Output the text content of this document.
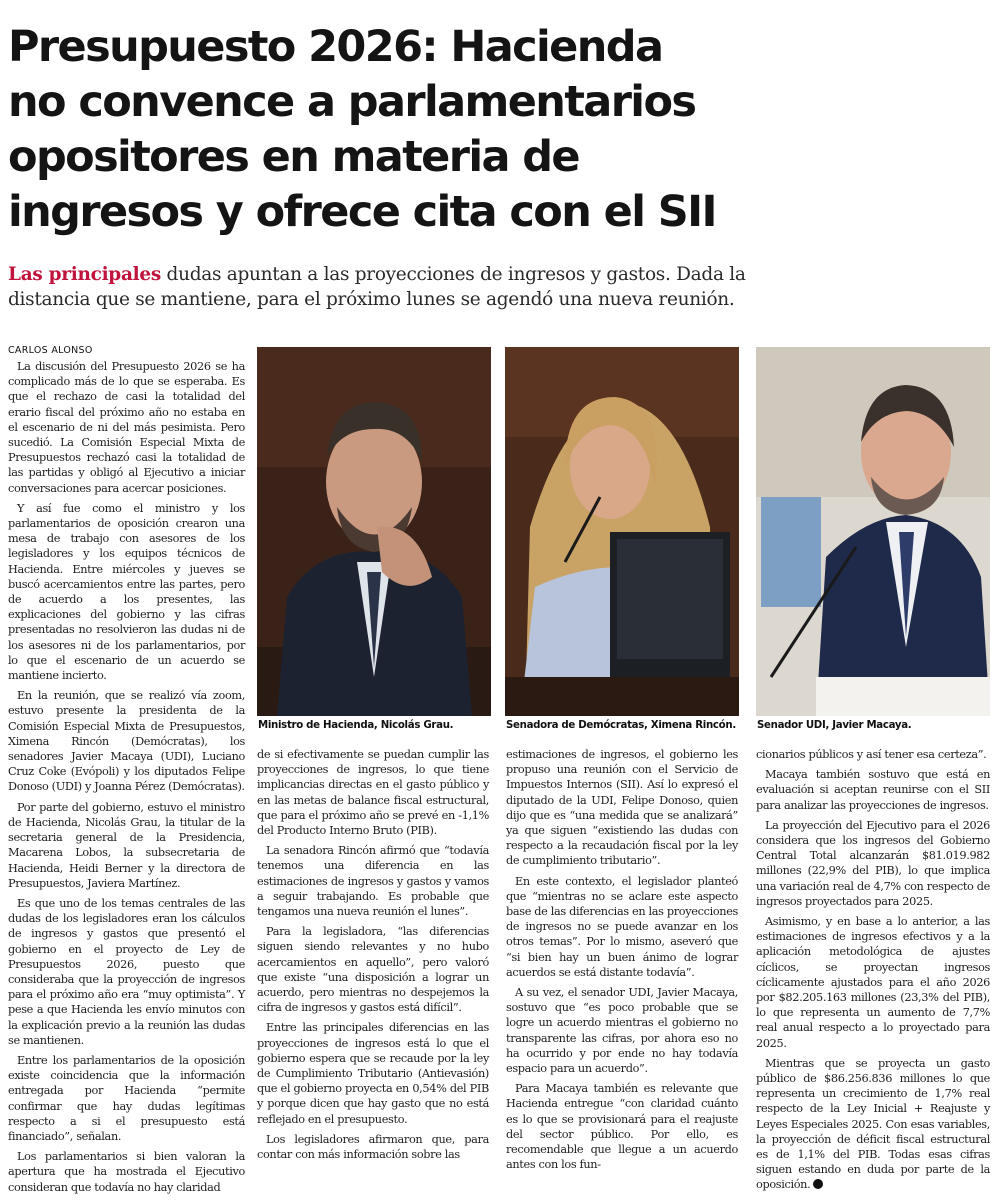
Presupuesto 2026: Hacienda
no convence a parlamentarios
opositores en materia de
ingresos y ofrece cita con el SII
Las principales dudas apuntan a las proyecciones de ingresos y gastos. Dada la
distancia que se mantiene, para el próximo lunes se agendó una nueva reunión.
CARLOS ALONSO

La discusión del Presupuesto 2026 se ha complicado más de lo que se esperaba. Es que el rechazo de casi la totalidad del erario fiscal del próximo año no estaba en el escenario de ni del más pesimista. Pero sucedió. La Comisión Especial Mixta de Presupuestos rechazó casi la totalidad de las partidas y obligó al Ejecutivo a iniciar conversaciones para acercar posiciones.

Y así fue como el ministro y los parlamentarios de oposición crearon una mesa de trabajo con asesores de los legisladores y los equipos técnicos de Hacienda. Entre miércoles y jueves se buscó acercamientos entre las partes, pero de acuerdo a los presentes, las explicaciones del gobierno y las cifras presentadas no resolvieron las dudas ni de los asesores ni de los parlamentarios, por lo que el escenario de un acuerdo se mantiene incierto.

En la reunión, que se realizó vía zoom, estuvo presente la presidenta de la Comisión Especial Mixta de Presupuestos, Ximena Rincón (Demócratas), los senadores Javier Macaya (UDI), Luciano Cruz Coke (Evópoli) y los diputados Felipe Donoso (UDI) y Joanna Pérez (Demócratas).

Por parte del gobierno, estuvo el ministro de Hacienda, Nicolás Grau, la titular de la secretaria general de la Presidencia, Macarena Lobos, la subsecretaria de Hacienda, Heidi Berner y la directora de Presupuestos, Javiera Martínez.

Es que uno de los temas centrales de las dudas de los legisladores eran los cálculos de ingresos y gastos que presentó el gobierno en el proyecto de Ley de Presupuestos 2026, puesto que consideraba que la proyección de ingresos para el próximo año era “muy optimista”. Y pese a que Hacienda les envío minutos con la explicación previo a la reunión las dudas se mantienen.

Entre los parlamentarios de la oposición existe coincidencia que la información entregada por Hacienda “permite confirmar que hay dudas legítimas respecto a si el presupuesto está financiado”, señalan.

Los parlamentarios si bien valoran la apertura que ha mostrada el Ejecutivo consideran que todavía no hay claridad

Ministro de Hacienda, Nicolás Grau.	Senadora de Demócratas, Ximena Rincón. Senador UDI, Javier Macaya.

de si efectivamente se puedan cumplir las proyecciones de ingresos, lo que tiene implicancias directas en el gasto público y en las metas de balance fiscal estructural, que para el próximo año se prevé en -1,1% del Producto Interno Bruto (PIB).

La senadora Rincón afirmó que “todavía tenemos una diferencia en las estimaciones de ingresos y gastos y vamos a seguir trabajando. Es probable que tengamos una nueva reunión el lunes”.

Para la legisladora, “las diferencias siguen siendo relevantes y no hubo acercamientos en aquello”, pero valoró que existe “una disposición a lograr un acuerdo, pero mientras no despejemos la cifra de ingresos y gastos está difícil”.

Entre las principales diferencias en las proyecciones de ingresos está lo que el gobierno espera que se recaude por la ley de Cumplimiento Tributario (Antievasión) que el gobierno proyecta en 0,54% del PIB y porque dicen que hay gasto que no está reflejado en el presupuesto.

Los legisladores afirmaron que, para contar con más información sobre las

estimaciones de ingresos, el gobierno les propuso una reunión con el Servicio de Impuestos Internos (SII). Así lo expresó el diputado de la UDI, Felipe Donoso, quien dijo que es “una medida que se analizará” ya que siguen “existiendo las dudas con respecto a la recaudación fiscal por la ley de cumplimiento tributario”.

En este contexto, el legislador planteó que “mientras no se aclare este aspecto base de las diferencias en las proyecciones de ingresos no se puede avanzar en los otros temas”. Por lo mismo, aseveró que “si bien hay un buen ánimo de lograr acuerdos se está distante todavía”.

A su vez, el senador UDI, Javier Macaya, sostuvo que “es poco probable que se logre un acuerdo mientras el gobierno no transparente las cifras, por ahora eso no ha ocurrido y por ende no hay todavía espacio para un acuerdo”.

Para Macaya también es relevante que Hacienda entregue “con claridad cuánto es lo que se provisionará para el reajuste del sector público. Por ello, es recomendable que llegue a un acuerdo antes con los fun-

cionarios públicos y así tener esa certeza”.

Macaya también sostuvo que está en evaluación si aceptan reunirse con el SII para analizar las proyecciones de ingresos.

La proyección del Ejecutivo para el 2026 considera que los ingresos del Gobierno Central Total alcanzarán $81.019.982 millones (22,9% del PIB), lo que implica una variación real de 4,7% con respecto de ingresos proyectados para 2025.

Asimismo, y en base a lo anterior, a las estimaciones de ingresos efectivos y a la aplicación metodológica de ajustes cíclicos, se proyectan ingresos cíclicamente ajustados para el año 2026 por $82.205.163 millones (23,3% del PIB), lo que representa un aumento de 7,7% real anual respecto a lo proyectado para 2025.

Mientras que se proyecta un gasto público de $86.256.836 millones lo que representa un crecimiento de 1,7% real respecto de la Ley Inicial + Reajuste y Leyes Especiales 2025. Con esas variables, la proyección de déficit fiscal estructural es de 1,1% del PIB. Todas esas cifras siguen estando en duda por parte de la oposición.
